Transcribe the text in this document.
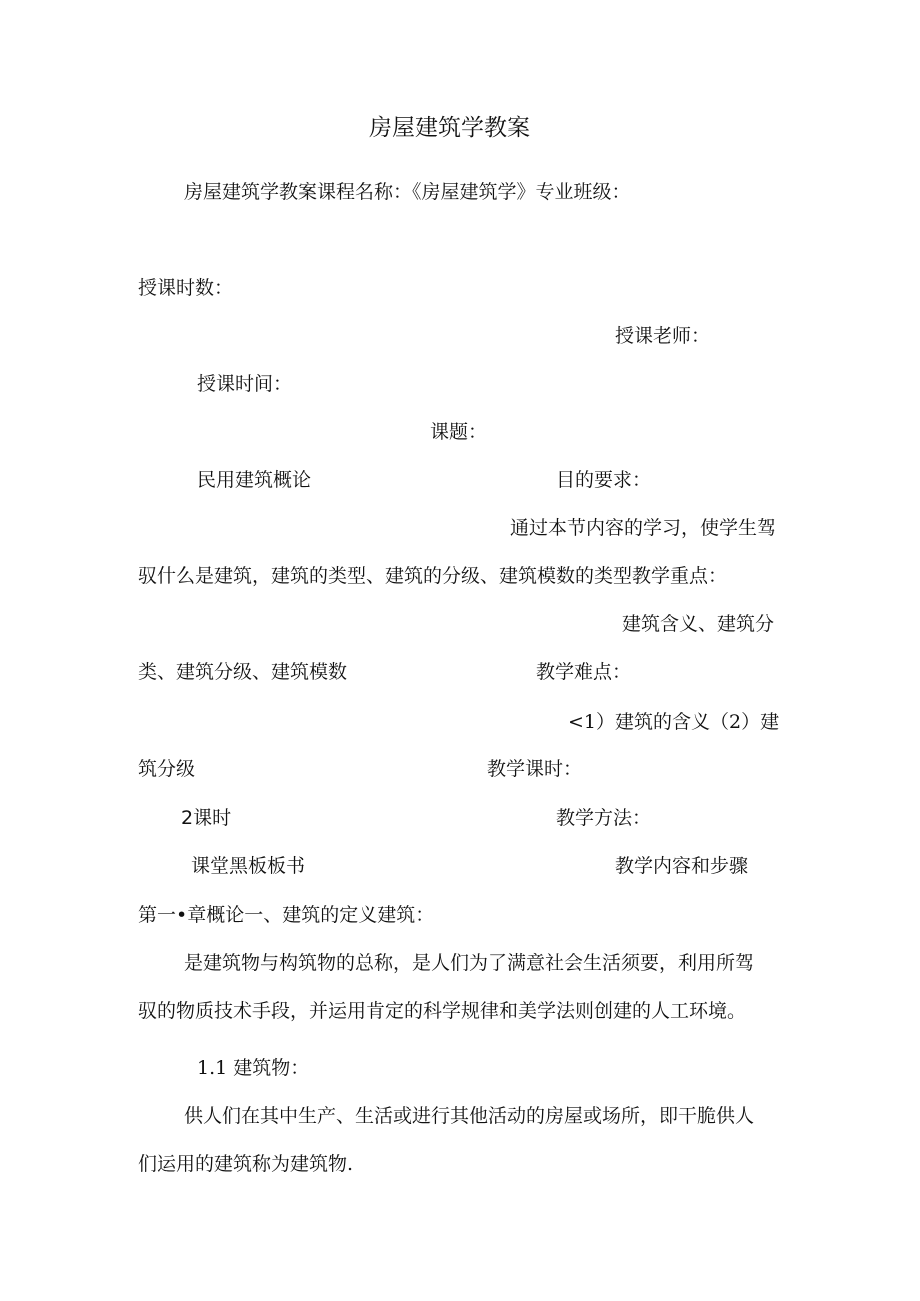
房屋建筑学教案
房屋建筑学教案课程名称：《房屋建筑学》专业班级：
授课时数：
授课老师：
授课时间：
课题：
民用建筑概论	目的要求：
通过本节内容的学习，使学生驾
驭什么是建筑，建筑的类型、建筑的分级、建筑模数的类型教学重点：
建筑含义、建筑分
类、建筑分级、建筑模数	教学难点：
<1）建筑的含义（2）建
筑分级	教学课时：
2课时	教学方法：
课堂黑板板书	教学内容和步骤
第一•章概论一、建筑的定义建筑：
是建筑物与构筑物的总称，是人们为了满意社会生活须要，利用所驾
驭的物质技术手段，并运用肯定的科学规律和美学法则创建的人工环境。
1.1 建筑物：
供人们在其中生产、生活或进行其他活动的房屋或场所，即干脆供人
们运用的建筑称为建筑物.
